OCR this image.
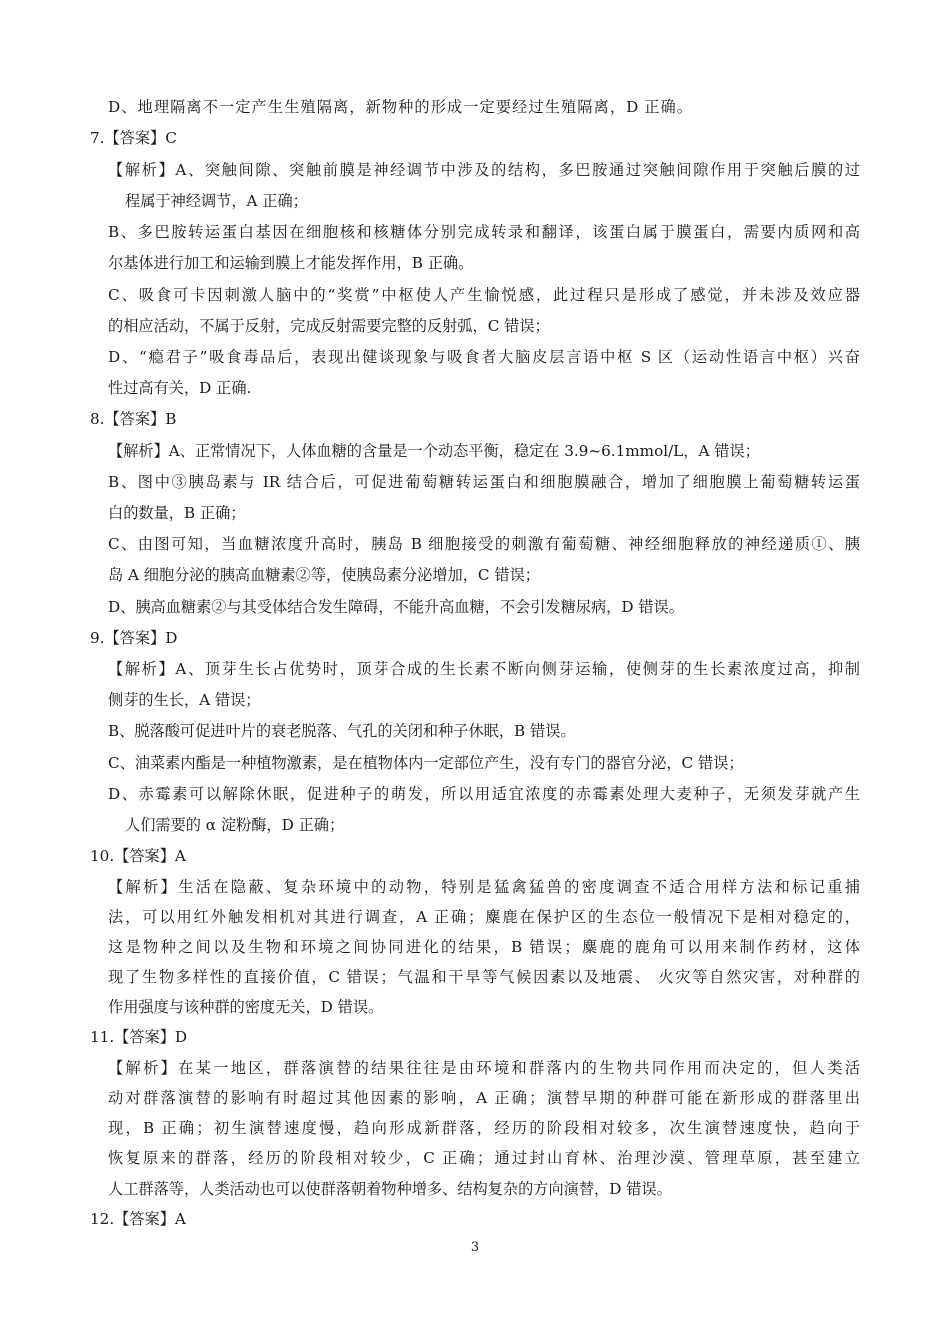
D、地理隔离不一定产生生殖隔离，新物种的形成一定要经过生殖隔离，D 正确。
7.【答案】C
【解析】A、突触间隙、突触前膜是神经调节中涉及的结构，多巴胺通过突触间隙作用于突触后膜的过
程属于神经调节，A 正确；
B、多巴胺转运蛋白基因在细胞核和核糖体分别完成转录和翻译，该蛋白属于膜蛋白，需要内质网和高
尔基体进行加工和运输到膜上才能发挥作用，B 正确。
C、吸食可卡因刺激人脑中的“奖赏”中枢使人产生愉悦感，此过程只是形成了感觉，并未涉及效应器
的相应活动，不属于反射，完成反射需要完整的反射弧，C 错误；
D、“瘾君子”吸食毒品后，表现出健谈现象与吸食者大脑皮层言语中枢 S 区（运动性语言中枢）兴奋
性过高有关，D 正确.
8.【答案】B
【解析】A、正常情况下，人体血糖的含量是一个动态平衡，稳定在 3.9~6.1mmol/L，A 错误；
B、图中③胰岛素与 IR 结合后，可促进葡萄糖转运蛋白和细胞膜融合，增加了细胞膜上葡萄糖转运蛋
白的数量，B 正确；
C、由图可知，当血糖浓度升高时，胰岛 B 细胞接受的刺激有葡萄糖、神经细胞释放的神经递质①、胰
岛 A 细胞分泌的胰高血糖素②等，使胰岛素分泌增加，C 错误；
D、胰高血糖素②与其受体结合发生障碍，不能升高血糖，不会引发糖尿病，D 错误。
9.【答案】D
【解析】A、顶芽生长占优势时，顶芽合成的生长素不断向侧芽运输，使侧芽的生长素浓度过高，抑制
侧芽的生长，A 错误；
B、脱落酸可促进叶片的衰老脱落、气孔的关闭和种子休眠，B 错误。
C、油菜素内酯是一种植物激素，是在植物体内一定部位产生，没有专门的器官分泌，C 错误；
D、赤霉素可以解除休眠，促进种子的萌发，所以用适宜浓度的赤霉素处理大麦种子，无须发芽就产生
人们需要的 α 淀粉酶，D 正确；
10.【答案】A
【解析】生活在隐蔽、复杂环境中的动物，特别是猛禽猛兽的密度调查不适合用样方法和标记重捕
法，可以用红外触发相机对其进行调查，A 正确；麋鹿在保护区的生态位一般情况下是相对稳定的，
这是物种之间以及生物和环境之间协同进化的结果，B 错误；麋鹿的鹿角可以用来制作药材，这体
现了生物多样性的直接价值，C 错误；气温和干旱等气候因素以及地震、 火灾等自然灾害，对种群的
作用强度与该种群的密度无关，D 错误。
11.【答案】D
【解析】在某一地区，群落演替的结果往往是由环境和群落内的生物共同作用而决定的，但人类活
动对群落演替的影响有时超过其他因素的影响，A 正确；演替早期的种群可能在新形成的群落里出
现，B 正确；初生演替速度慢，趋向形成新群落，经历的阶段相对较多，次生演替速度快，趋向于
恢复原来的群落，经历的阶段相对较少，C 正确；通过封山育林、治理沙漠、管理草原，甚至建立
人工群落等，人类活动也可以使群落朝着物种增多、结构复杂的方向演替，D 错误。
12.【答案】A
3
